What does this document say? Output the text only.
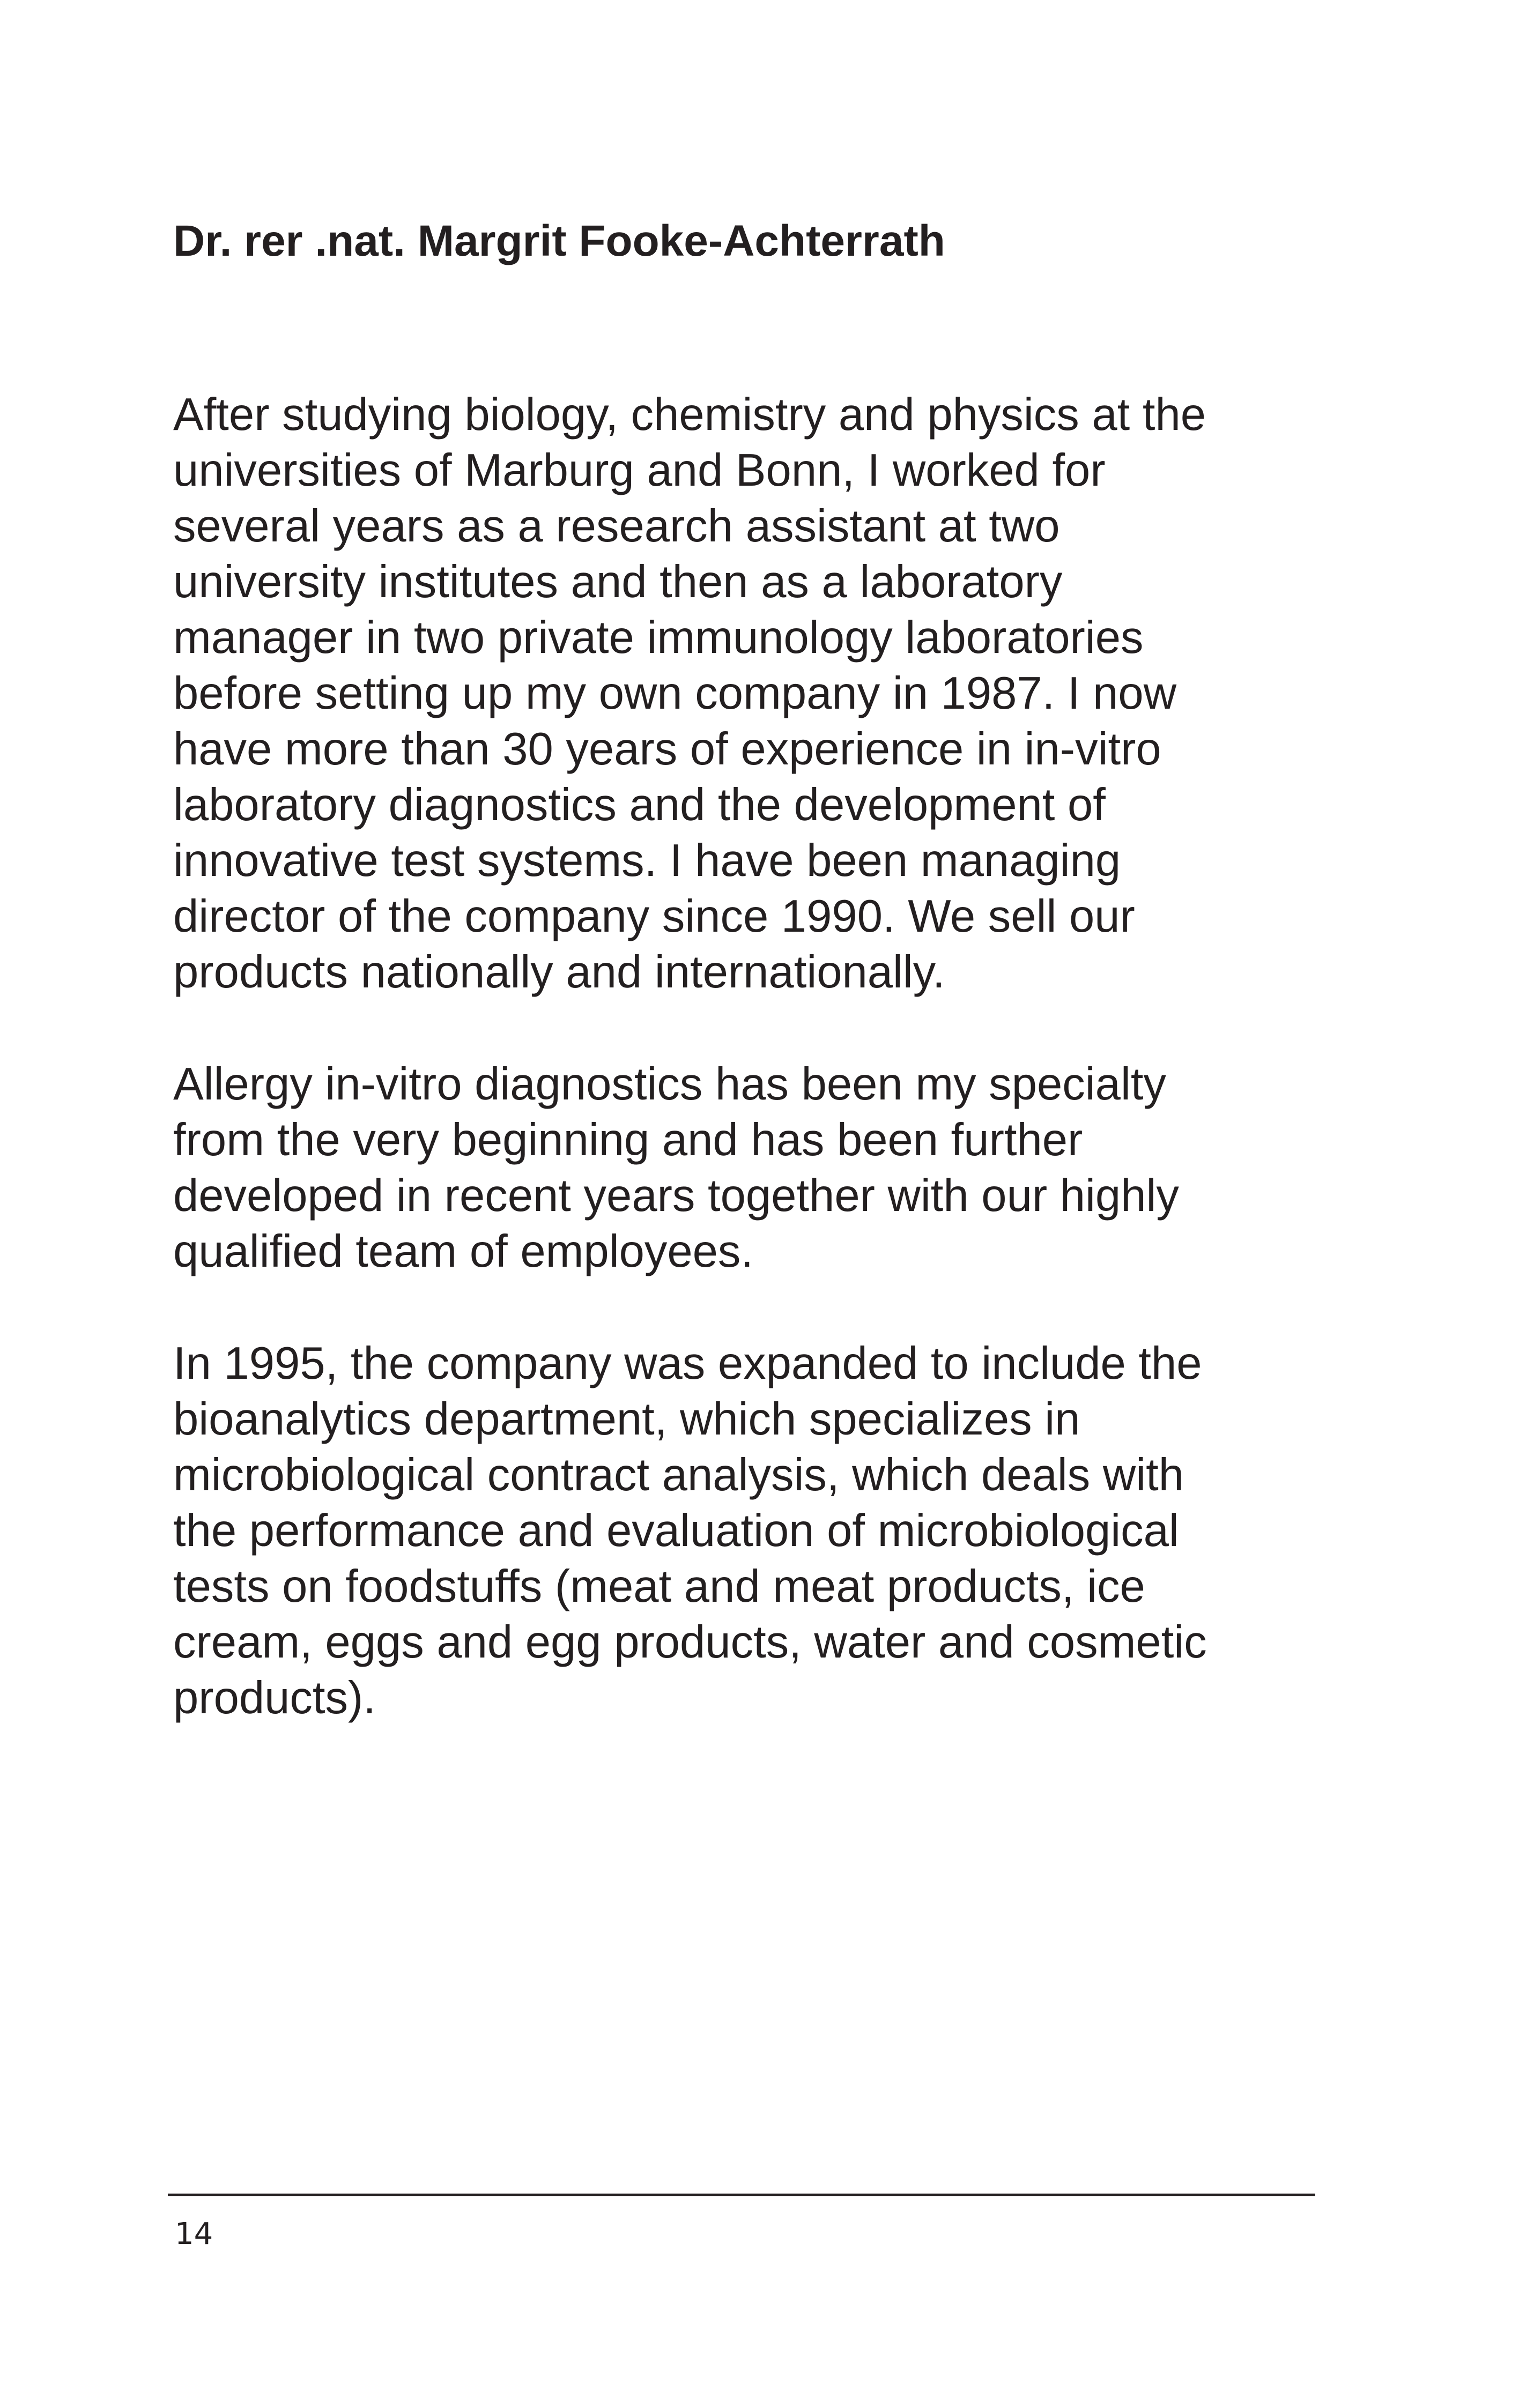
Dr. rer .nat. Margrit Fooke-Achterrath

After studying biology, chemistry and physics at the
universities of Marburg and Bonn, I worked for
several years as a research assistant at two
university institutes and then as a laboratory
manager in two private immunology laboratories
before setting up my own company in 1987. I now
have more than 30 years of experience in in-vitro
laboratory diagnostics and the development of
innovative test systems. I have been managing
director of the company since 1990. We sell our
products nationally and internationally.

Allergy in-vitro diagnostics has been my specialty
from the very beginning and has been further
developed in recent years together with our highly
qualified team of employees.

In 1995, the company was expanded to include the
bioanalytics department, which specializes in
microbiological contract analysis, which deals with
the performance and evaluation of microbiological
tests on foodstuffs (meat and meat products, ice
cream, eggs and egg products, water and cosmetic
products).

14
